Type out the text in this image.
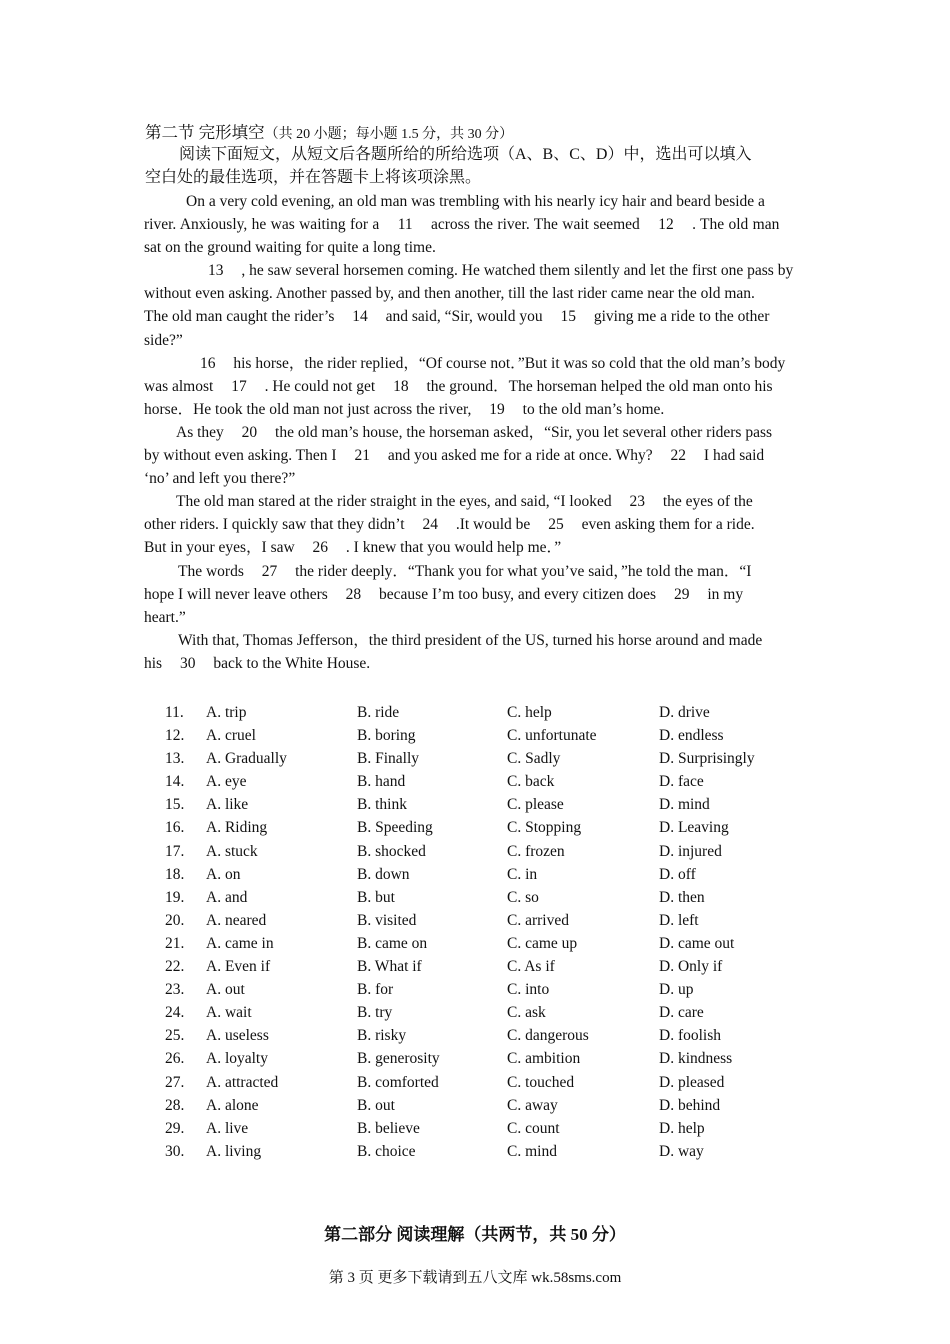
第二节 完形填空（共 20 小题；每小题 1.5 分，共 30 分）
阅读下面短文，从短文后各题所给的所给选项（A、B、C、D）中，选出可以填入
空白处的最佳选项，并在答题卡上将该项涂黑。
On a very cold evening, an old man was trembling with his nearly icy hair and beard beside a
river. Anxiously, he was waiting for a 11 across the river. The wait seemed 12 . The old man
sat on the ground waiting for quite a long time.
13 , he saw several horsemen coming. He watched them silently and let the first one pass by
without even asking. Another passed by, and then another, till the last rider came near the old man.
The old man caught the rider’s 14 and said, “Sir, would you 15 giving me a ride to the other
side?”
16 his horse，the rider replied，“Of course not．”But it was so cold that the old man’s body
was almost 17 . He could not get 18 the ground．The horseman helped the old man onto his
horse．He took the old man not just across the river, 19 to the old man’s home.
As they 20 the old man’s house, the horseman asked，“Sir, you let several other riders pass
by without even asking. Then I 21 and you asked me for a ride at once. Why? 22 I had said
‘no’ and left you there?”
The old man stared at the rider straight in the eyes, and said, “I looked 23 the eyes of the
other riders. I quickly saw that they didn’t 24 .It would be 25 even asking them for a ride.
But in your eyes，I saw 26 . I knew that you would help me．”
The words 27 the rider deeply．“Thank you for what you’ve said，”he told the man．“I
hope I will never leave others 28 because I’m too busy, and every citizen does 29 in my
heart.”
With that, Thomas Jefferson，the third president of the US, turned his horse around and made
his 30 back to the White House.
11. A. trip	B. ride	C. help	D. drive
12. A. cruel	B. boring	C. unfortunate	D. endless
13. A. Gradually	B. Finally	C. Sadly	D. Surprisingly
14. A. eye	B. hand	C. back	D. face
15. A. like	B. think	C. please	D. mind
16. A. Riding	B. Speeding	C. Stopping	D. Leaving
17. A. stuck	B. shocked	C. frozen	D. injured
18. A. on	B. down	C. in	D. off
19. A. and	B. but	C. so	D. then
20. A. neared	B. visited	C. arrived	D. left
21. A. came in	B. came on	C. came up	D. came out
22. A. Even if	B. What if	C. As if	D. Only if
23. A. out	B. for	C. into	D. up
24. A. wait	B. try	C. ask	D. care
25. A. useless	B. risky	C. dangerous	D. foolish
26. A. loyalty	B. generosity	C. ambition	D. kindness
27. A. attracted	B. comforted	C. touched	D. pleased
28. A. alone	B. out	C. away	D. behind
29. A. live	B. believe	C. count	D. help
30. A. living	B. choice	C. mind	D. way
第二部分 阅读理解（共两节，共 50 分）
第 3 页 更多下载请到五八文库 wk.58sms.com
